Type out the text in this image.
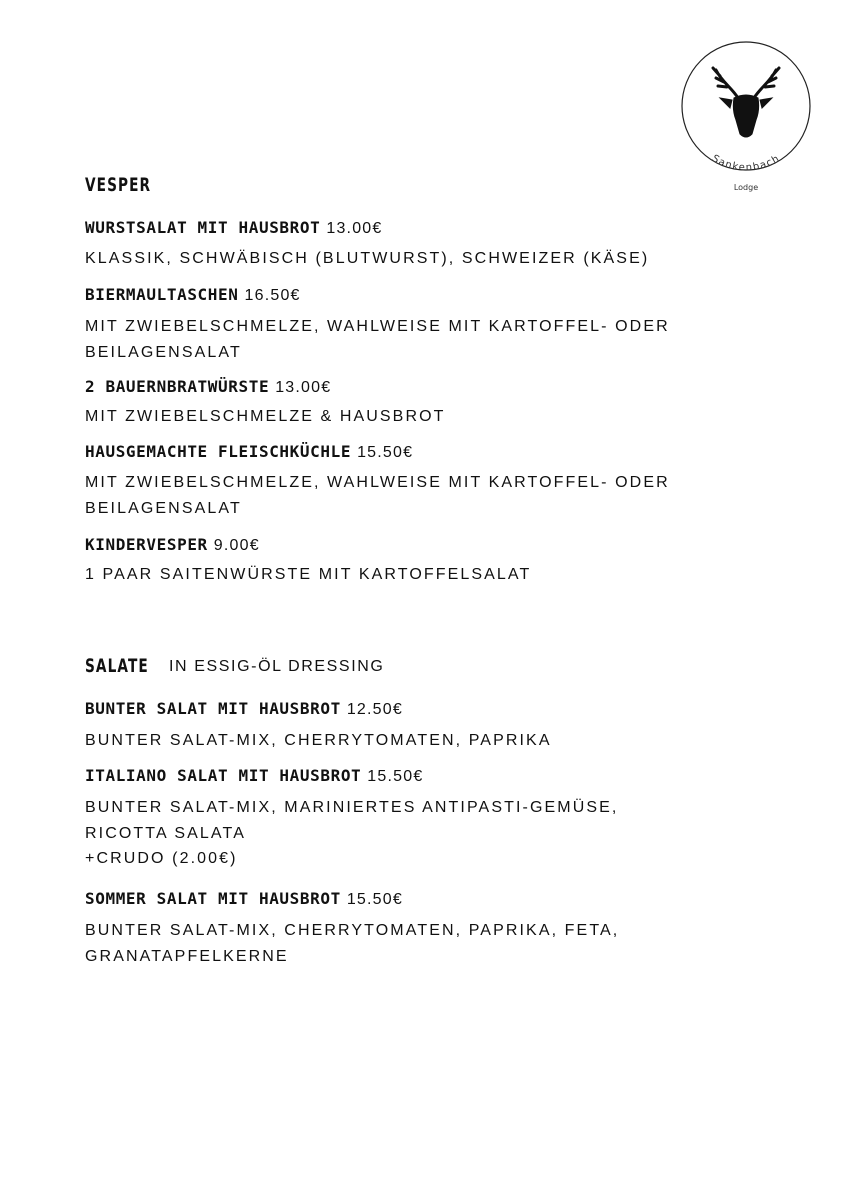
Sankenbach
Lodge
VESPER
WURSTSALAT MIT HAUSBROT 13.00€
KLASSIK, SCHWÄBISCH (BLUTWURST), SCHWEIZER (KÄSE)
BIERMAULTASCHEN 16.50€
MIT ZWIEBELSCHMELZE, WAHLWEISE MIT KARTOFFEL- ODER
BEILAGENSALAT
2 BAUERNBRATWÜRSTE 13.00€
MIT ZWIEBELSCHMELZE & HAUSBROT
HAUSGEMACHTE FLEISCHKÜCHLE 15.50€
MIT ZWIEBELSCHMELZE, WAHLWEISE MIT KARTOFFEL- ODER
BEILAGENSALAT
KINDERVESPER 9.00€
1 PAAR SAITENWÜRSTE MIT KARTOFFELSALAT
SALATE IN ESSIG-ÖL DRESSING
BUNTER SALAT MIT HAUSBROT 12.50€
BUNTER SALAT-MIX, CHERRYTOMATEN, PAPRIKA
ITALIANO SALAT MIT HAUSBROT 15.50€
BUNTER SALAT-MIX, MARINIERTES ANTIPASTI-GEMÜSE,
RICOTTA SALATA
+CRUDO (2.00€)
SOMMER SALAT MIT HAUSBROT 15.50€
BUNTER SALAT-MIX, CHERRYTOMATEN, PAPRIKA, FETA,
GRANATAPFELKERNE
